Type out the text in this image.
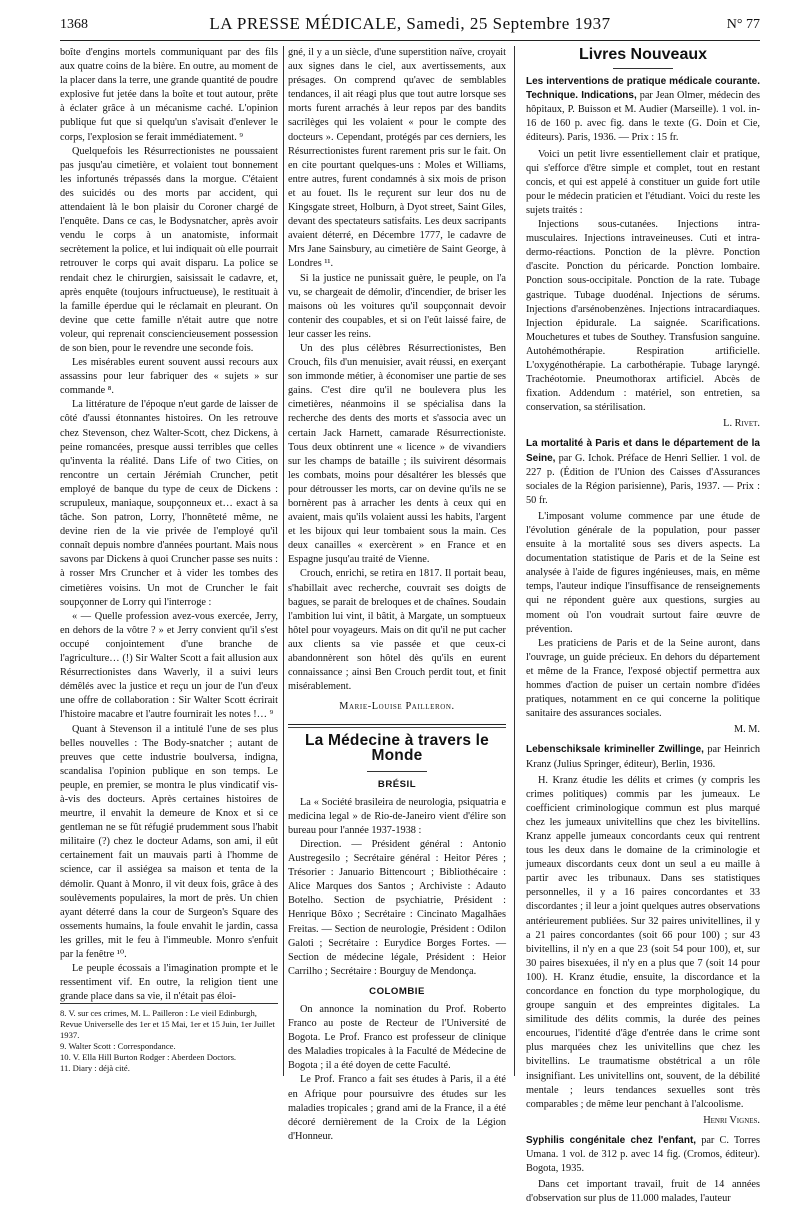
1368	LA PRESSE MÉDICALE, Samedi, 25 Septembre 1937	N° 77

boîte d'engins mortels communiquant par des fils aux quatre coins de la bière. En outre, au moment de la placer dans la terre, une grande quantité de poudre explosive fut jetée dans la boîte et tout autour, prête à éclater grâce à un mécanisme caché. L'opinion publique fut que si quelqu'un s'avisait d'enlever le corps, l'explosion se ferait immédiatement. ⁹

Quelquefois les Résurrectionistes ne poussaient pas jusqu'au cimetière, et volaient tout bonnement les infortunés trépassés dans la morgue. C'étaient des suicidés ou des morts par accident, qui attendaient là le bon plaisir du Coroner chargé de l'enquête. Dans ce cas, le Bodysnatcher, après avoir vendu le corps à un anatomiste, informait secrètement la police, et lui indiquait où elle pourrait retrouver le corps qui avait disparu. La police se rendait chez le chirurgien, saisissait le cadavre, et, après enquête (toujours infructueuse), le restituait à la famille éperdue qui le réclamait en pleurant. On devine que cette famille n'était autre que notre voleur, qui reprenait consciencieusement possession de son bien, pour le revendre une seconde fois.

Les misérables eurent souvent aussi recours aux assassins pour leur fabriquer des « sujets » sur commande ⁸.

La littérature de l'époque n'eut garde de laisser de côté d'aussi étonnantes histoires. On les retrouve chez Stevenson, chez Walter-Scott, chez Dickens, à peine romancées, presque aussi terribles que celles qu'inventa la réalité. Dans Life of two Cities, on rencontre un certain Jérémiah Cruncher, petit employé de banque du type de ceux de Dickens : scrupuleux, maniaque, soupçonneux et… exact à sa tâche. Son patron, Lorry, l'honnêteté même, ne devine rien de la vie privée de l'employé qu'il connaît depuis nombre d'années pourtant. Mais nous savons par Dickens à quoi Cruncher passe ses nuits : à rosser Mrs Cruncher et à vider les tombes des cimetières voisins. Un mot de Cruncher le fait soupçonner de Lorry qui l'interroge :

« — Quelle profession avez-vous exercée, Jerry, en dehors de la vôtre ? » et Jerry convient qu'il s'est occupé conjointement d'une branche de l'agriculture… (!) Sir Walter Scott a fait allusion aux Résurrectionistes dans Waverly, il a suivi leurs démêlés avec la justice et reçu un jour de l'un d'eux une offre de collaboration : Sir Walter Scott écrirait l'histoire macabre et l'autre fournirait les notes !… ⁹

Quant à Stevenson il a intitulé l'une de ses plus belles nouvelles : The Body-snatcher ; autant de preuves que cette industrie boulversa, indigna, scandalisa l'opinion publique en son temps. Le peuple, en premier, se montra le plus vindicatif vis-à-vis des docteurs. Après certaines histoires de meurtre, il envahit la demeure de Knox et si ce gentleman ne se fût réfugié prudemment sous l'habit militaire (?) chez le docteur Adams, son ami, il eût certainement fait un mauvais parti à l'homme de science, car il assiégea sa maison et tenta de la démolir. Quant à Monro, il vit deux fois, grâce à des soulèvements populaires, la mort de près. Un chien ayant déterré dans la cour de Surgeon's Square des ossements humains, la foule envahit le jardin, cassa les grilles, mit le feu à l'immeuble. Monro s'enfuit par la fenêtre ¹⁰.

Le peuple écossais a l'imagination prompte et le ressentiment vif. En outre, la religion tient une grande place dans sa vie, il n'était pas éloi-

8. V. sur ces crimes, M. L. Pailleron : Le vieil Edinburgh, Revue Universelle des 1er et 15 Mai, 1er et 15 Juin, 1er Juillet 1937.

9. Walter Scott : Correspondance.

10. V. Ella Hill Burton Rodger : Aberdeen Doctors.

11. Diary : déjà cité.

gné, il y a un siècle, d'une superstition naïve, croyait aux signes dans le ciel, aux avertissements, aux présages. On comprend qu'avec de semblables tendances, il ait réagi plus que tout autre lorsque ses morts furent arrachés à leur repos par des bandits sacrilèges qui les volaient « pour le compte des docteurs ». Cependant, protégés par ces derniers, les Résurrectionistes furent rarement pris sur le fait. On en cite pourtant quelques-uns : Moles et Williams, entre autres, furent condamnés à six mois de prison et au fouet. Ils le reçurent sur leur dos nu de Kingsgate street, Holburn, à Dyot street, Saint Giles, devant des spectateurs satisfaits. Les deux sacripants avaient déterré, en Décembre 1777, le cadavre de Mrs Jane Sainsbury, au cimetière de Saint George, à Londres ¹¹.

Si la justice ne punissait guère, le peuple, on l'a vu, se chargeait de démolir, d'incendier, de briser les maisons où les voitures qu'il soupçonnait devoir contenir des coupables, et si on l'eût laissé faire, de leur casser les reins.

Un des plus célèbres Résurrectionistes, Ben Crouch, fils d'un menuisier, avait réussi, en exerçant son immonde métier, à économiser une partie de ses gains. C'est dire qu'il ne boulevera plus les cimetières, néanmoins il se spécialisa dans la recherche des dents des morts et s'associa avec un certain Jack Harnett, camarade Résurrectioniste. Tous deux obtinrent une « licence » de vivandiers sur les champs de bataille ; ils suivirent désormais les combats, moins pour désaltérer les blessés que pour détrousser les morts, car on devine qu'ils ne se bornèrent pas à arracher les dents à ceux qui en avaient, mais qu'ils volaient aussi les habits, l'argent et les bijoux qui leur tombaient sous la main. Ces deux canailles « exercèrent » en France et en Espagne jusqu'au traité de Vienne.

Crouch, enrichi, se retira en 1817. Il portait beau, s'habillait avec recherche, couvrait ses doigts de bagues, se parait de breloques et de chaînes. Soudain l'ambition lui vint, il bâtit, à Margate, un somptueux hôtel pour voyageurs. Mais on dit qu'il ne put cacher aux clients sa vie passée et que ceux-ci abandonnèrent son hôtel dès qu'ils en eurent connaissance ; ainsi Ben Crouch perdit tout, et finit misérablement.

Marie-Louise Pailleron.
La Médecine à travers le Monde
BRÉSIL

La « Société brasileira de neurologia, psiquatria e medicina legal » de Rio-de-Janeiro vient d'élire son bureau pour l'année 1937-1938 :

Direction. — Président général : Antonio Austregesilo ; Secrétaire général : Heitor Péres ; Trésorier : Januario Bittencourt ; Bibliothécaire : Alice Marques dos Santos ; Archiviste : Adauto Botelho. Section de psychiatrie, Président : Henrique Bôxo ; Secrétaire : Cincinato Magalhães Freitas. — Section de neurologie, Président : Odilon Galoti ; Secrétaire : Eurydice Borges Fortes. — Section de médecine légale, Président : Heior Carrilho ; Secrétaire : Bourguy de Mendonça.

COLOMBIE

On annonce la nomination du Prof. Roberto Franco au poste de Recteur de l'Université de Bogota. Le Prof. Franco est professeur de clinique des Maladies tropicales à la Faculté de Médecine de Bogota ; il a été doyen de cette Faculté.

Le Prof. Franco a fait ses études à Paris, il a été en Afrique pour poursuivre des études sur les maladies tropicales ; grand ami de la France, il a été décoré dernièrement de la Croix de la Légion d'Honneur.

Livres Nouveaux

Les interventions de pratique médicale courante. Technique. Indications, par Jean Olmer, médecin des hôpitaux, P. Buisson et M. Audier (Marseille). 1 vol. in-16 de 160 p. avec fig. dans le texte (G. Doin et Cie, éditeurs). Paris, 1936. — Prix : 15 fr.

Voici un petit livre essentiellement clair et pratique, qui s'efforce d'être simple et complet, tout en restant concis, et qui est appelé à constituer un guide fort utile pour le médecin praticien et l'étudiant. Voici du reste les sujets traités :

Injections sous-cutanées. Injections intra-musculaires. Injections intraveineuses. Cuti et intra-dermo-réactions. Ponction de la plèvre. Ponction d'ascite. Ponction du péricarde. Ponction lombaire. Ponction sous-occipitale. Ponction de la rate. Tubage gastrique. Tubage duodénal. Injections de sérums. Injections d'arsénobenzènes. Injections intracardiaques. Injection épidurale. La saignée. Scarifications. Mouchetures et tubes de Southey. Transfusion sanguine. Autohémothérapie. Respiration artificielle. L'oxygénothérapie. La carbothérapie. Tubage laryngé. Trachéotomie. Pneumothorax artificiel. Abcès de fixation. Addendum : matériel, son entretien, sa conservation, sa stérilisation.

L. Rivet.

La mortalité à Paris et dans le département de la Seine, par G. Ichok. Préface de Henri Sellier. 1 vol. de 227 p. (Édition de l'Union des Caisses d'Assurances sociales de la Région parisienne), Paris, 1937. — Prix : 50 fr.

L'imposant volume commence par une étude de l'évolution générale de la population, pour passer ensuite à la mortalité sous ses divers aspects. La documentation statistique de Paris et de la Seine est analysée à l'aide de figures ingénieuses, mais, en même temps, l'auteur indique l'insuffisance de renseignements qui ne répondent guère aux questions, surgies au moment où l'on voudrait surtout faire œuvre de prévention.

Les praticiens de Paris et de la Seine auront, dans l'ouvrage, un guide précieux. En dehors du département et même de la France, l'exposé objectif permettra aux hommes d'action de puiser un certain nombre d'idées pratiques, notamment en ce qui concerne la politique sanitaire des assurances sociales.

M. M.

Lebenschiksale krimineller Zwillinge, par Heinrich Kranz (Julius Springer, éditeur), Berlin, 1936.

H. Kranz étudie les délits et crimes (y compris les crimes politiques) commis par les jumeaux. Le coefficient criminologique commun est plus marqué chez les jumeaux univitellins que chez les bivitellins. Kranz appelle jumeaux concordants ceux qui rentrent tous les deux dans le domaine de la criminologie et jumeaux discordants ceux dont un seul a eu maille à partir avec les tribunaux. Dans ses statistiques personnelles, il y a 16 paires concordantes et 33 discordantes ; il leur a joint quelques autres observations antérieurement publiées. Sur 32 paires univitellines, il y a 21 paires concordantes (soit 66 pour 100) ; sur 43 bivitellins, il n'y en a que 23 (soit 54 pour 100), et, sur 30 paires bisexuées, il n'y en a plus que 7 (soit 14 pour 100). H. Kranz étudie, ensuite, la discordance et la concordance en fonction du type morphologique, du groupe sanguin et des empreintes digitales. La similitude des délits commis, la durée des peines encourues, l'identité d'âge d'entrée dans le crime sont plus marquées chez les univitellins que chez les bivitellins. Le traumatisme obstétrical a un rôle insignifiant. Les univitellins ont, souvent, de la débilité mentale ; leurs tendances sexuelles sont très comparables ; de même leur penchant à l'alcoolisme.

Henri Vignes.

Syphilis congénitale chez l'enfant, par C. Torres Umana. 1 vol. de 312 p. avec 14 fig. (Cromos, éditeur). Bogota, 1935.

Dans cet important travail, fruit de 14 années d'observation sur plus de 11.000 malades, l'auteur
